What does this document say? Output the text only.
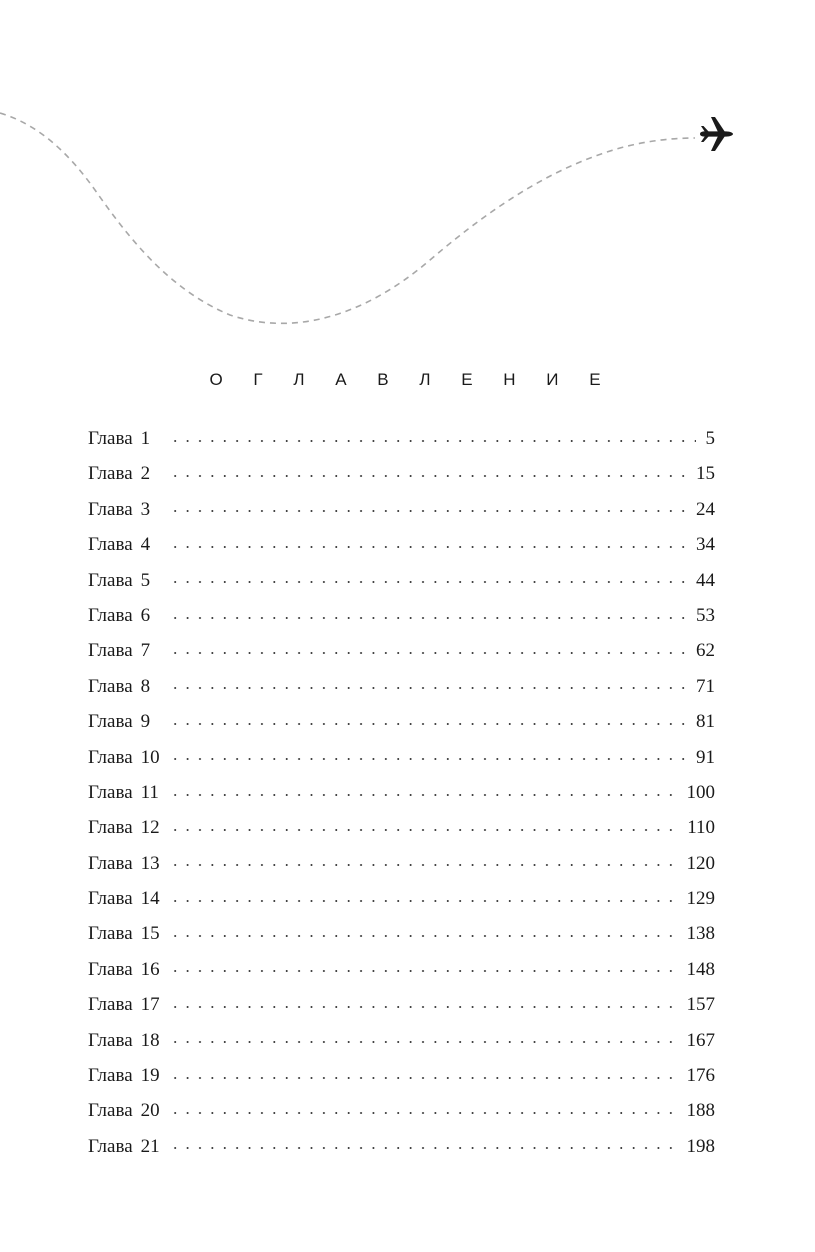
О Г Л А В Л Е Н И Е
Глава 1	5
Глава 2	15
Глава 3	24
Глава 4	34
Глава 5	44
Глава 6	53
Глава 7	62
Глава 8	71
Глава 9	81
Глава 10	91
Глава 11	100
Глава 12	110
Глава 13	120
Глава 14	129
Глава 15	138
Глава 16	148
Глава 17	157
Глава 18	167
Глава 19	176
Глава 20	188
Глава 21	198
